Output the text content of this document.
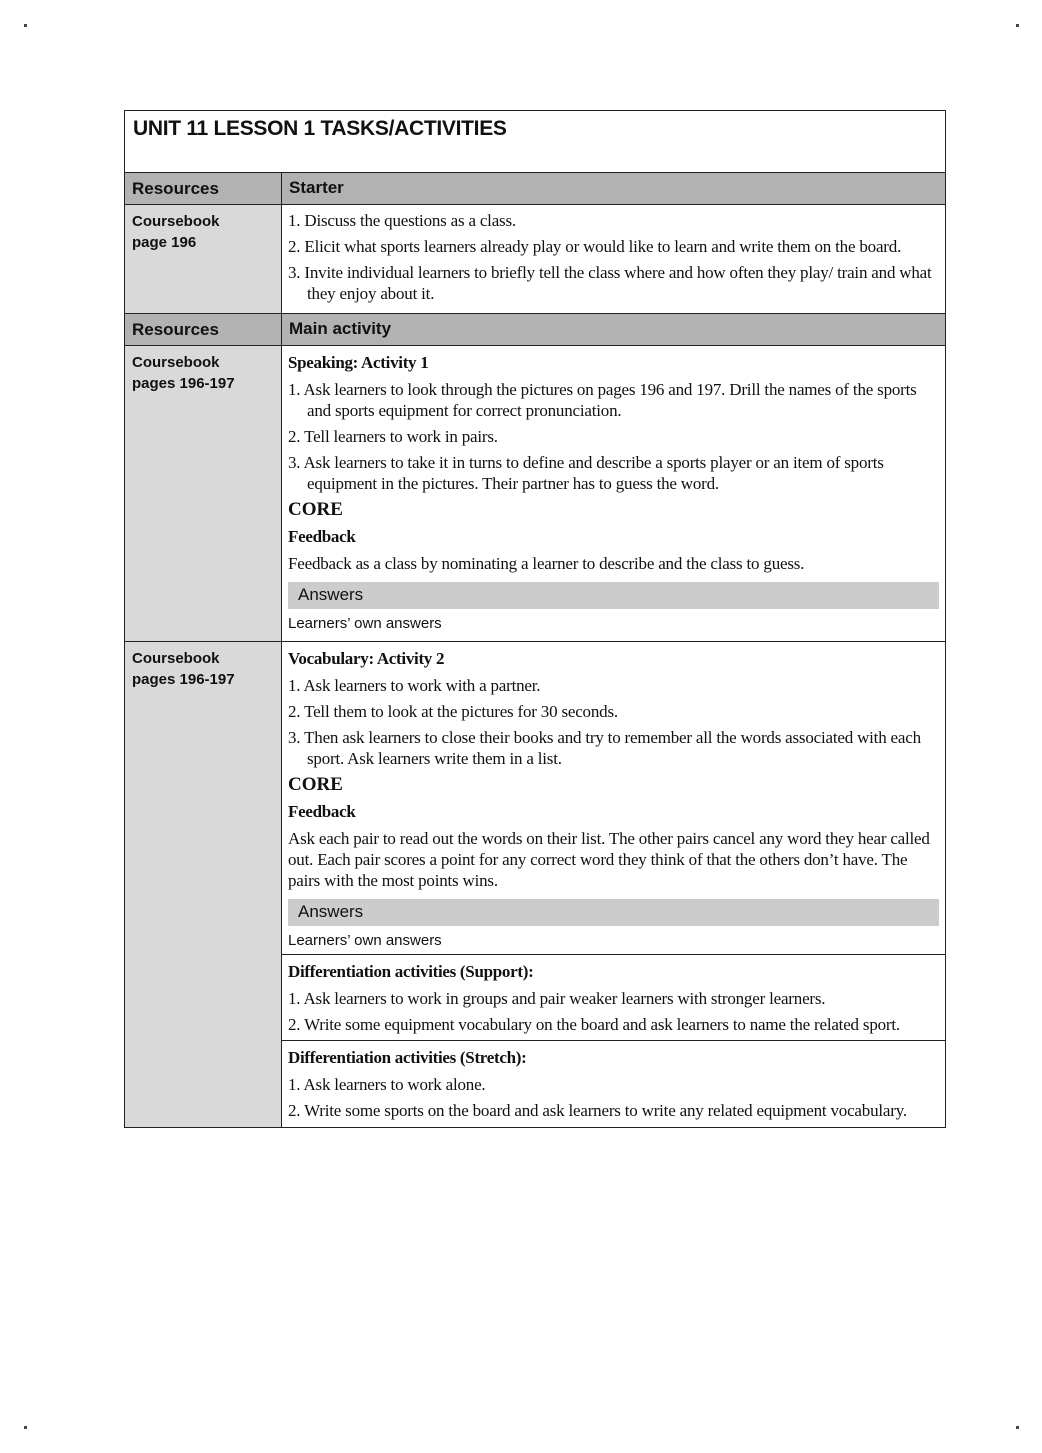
UNIT 11 LESSON 1 TASKS/ACTIVITIES
Resources	Starter
Coursebook
page 196
1. Discuss the questions as a class.
2. Elicit what sports learners already play or would like to learn and write them on the board.
3. Invite individual learners to briefly tell the class where and how often they play/ train and what they enjoy about it.
Resources	Main activity
Coursebook
pages 196-197
Speaking: Activity 1
1. Ask learners to look through the pictures on pages 196 and 197. Drill the names of the sports and sports equipment for correct pronunciation.
2. Tell learners to work in pairs.
3. Ask learners to take it in turns to define and describe a sports player or an item of sports equipment in the pictures. Their partner has to guess the word.
CORE
Feedback
Feedback as a class by nominating a learner to describe and the class to guess.
Answers
Learners’ own answers
Coursebook
pages 196-197
Vocabulary: Activity 2
1. Ask learners to work with a partner.
2. Tell them to look at the pictures for 30 seconds.
3. Then ask learners to close their books and try to remember all the words associated with each sport. Ask learners write them in a list.
CORE
Feedback
Ask each pair to read out the words on their list. The other pairs cancel any word they hear called out. Each pair scores a point for any correct word they think of that the others don’t have. The pairs with the most points wins.
Answers
Learners’ own answers
Differentiation activities (Support):
1. Ask learners to work in groups and pair weaker learners with stronger learners.
2. Write some equipment vocabulary on the board and ask learners to name the related sport.
Differentiation activities (Stretch):
1. Ask learners to work alone.
2. Write some sports on the board and ask learners to write any related equipment vocabulary.
